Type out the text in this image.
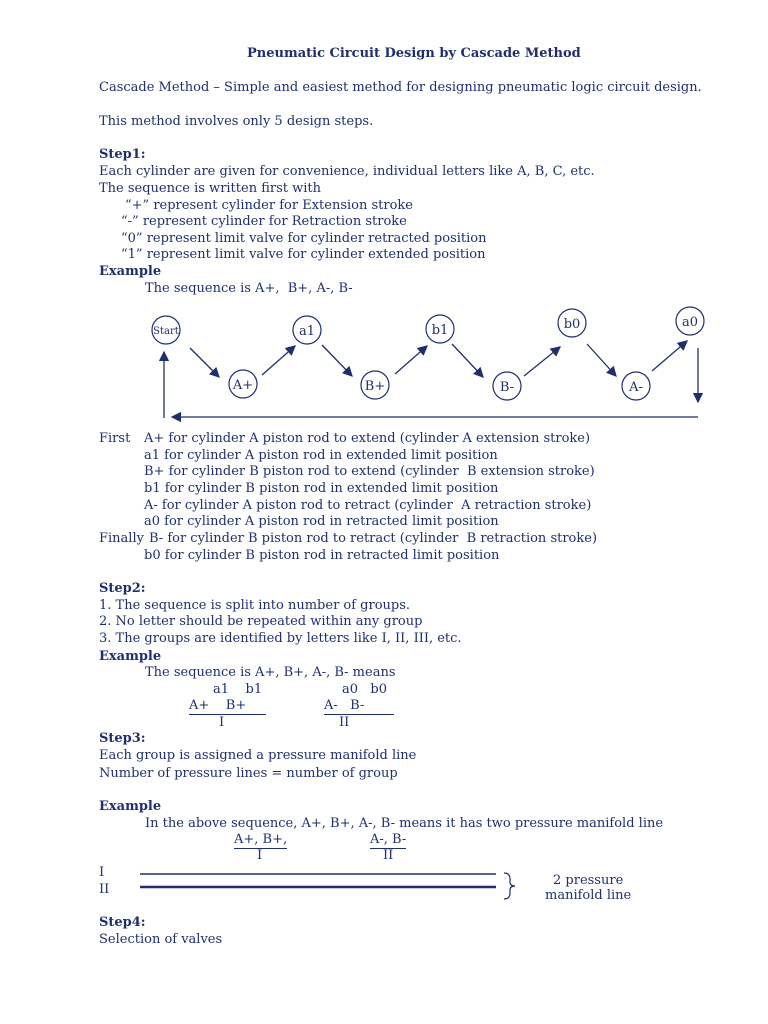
Pneumatic Circuit Design by Cascade Method
Cascade Method – Simple and easiest method for designing pneumatic logic circuit design.
This method involves only 5 design steps.
Step1:
Each cylinder are given for convenience, individual letters like A, B, C, etc.
The sequence is written first with
“+” represent cylinder for Extension stroke
“-” represent cylinder for Retraction stroke
“0” represent limit valve for cylinder retracted position
“1” represent limit valve for cylinder extended position
Example
The sequence is A+,  B+, A-, B-
Start	a1	b1	b0	a0
A+	B+	B-	A-
First A+ for cylinder A piston rod to extend (cylinder A extension stroke)
a1 for cylinder A piston rod in extended limit position
B+ for cylinder B piston rod to extend (cylinder  B extension stroke)
b1 for cylinder B piston rod in extended limit position
A- for cylinder A piston rod to retract (cylinder  A retraction stroke)
a0 for cylinder A piston rod in retracted limit position
Finally B- for cylinder B piston rod to retract (cylinder  B retraction stroke)
b0 for cylinder B piston rod in retracted limit position
Step2:
1. The sequence is split into number of groups.
2. No letter should be repeated within any group
3. The groups are identified by letters like I, II, III, etc.
Example
The sequence is A+, B+, A-, B- means
a1    b1
A+    B+
I
a0   b0
A-   B-
II
Step3:
Each group is assigned a pressure manifold line
Number of pressure lines = number of group
Example
In the above sequence, A+, B+, A-, B- means it has two pressure manifold line
A+, B+,
I
A-, B-
II
I
II
2 pressure
manifold line
Step4:
Selection of valves
